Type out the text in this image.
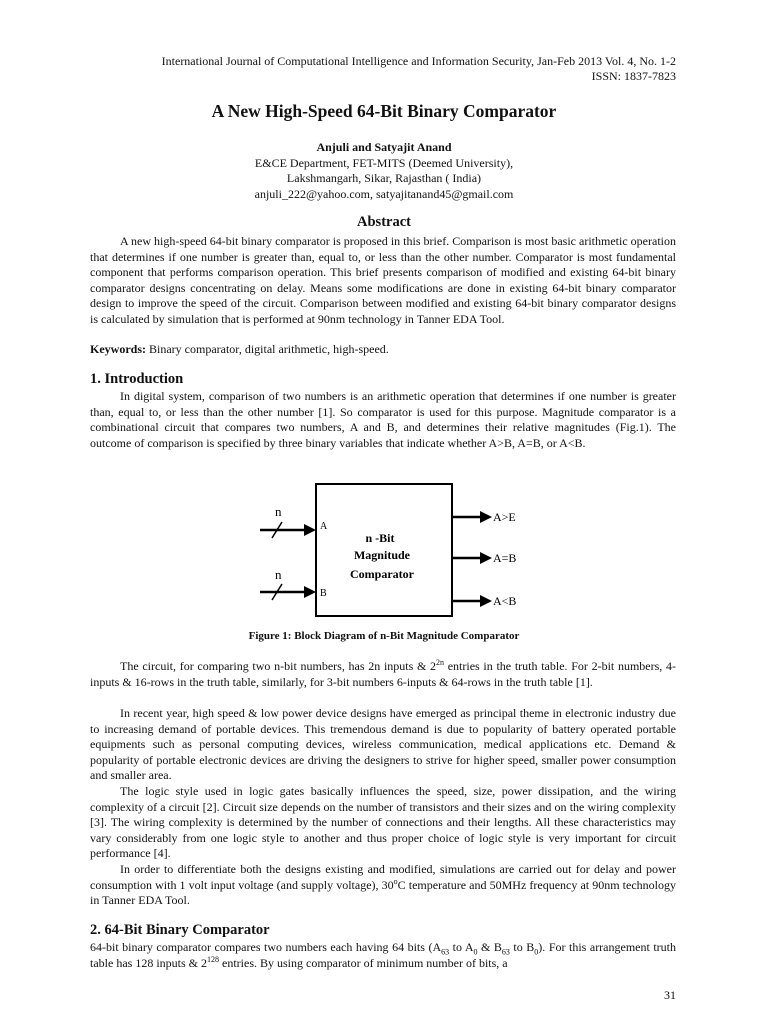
International Journal of Computational Intelligence and Information Security, Jan-Feb 2013 Vol. 4, No. 1-2
ISSN: 1837-7823
A New High-Speed 64-Bit Binary Comparator
Anjuli and Satyajit Anand
E&CE Department, FET-MITS (Deemed University),
Lakshmangarh, Sikar, Rajasthan ( India)
anjuli_222@yahoo.com, satyajitanand45@gmail.com
Abstract
A new high-speed 64-bit binary comparator is proposed in this brief. Comparison is most basic arithmetic operation that determines if one number is greater than, equal to, or less than the other number. Comparator is most fundamental component that performs comparison operation. This brief presents comparison of modified and existing 64-bit binary comparator designs concentrating on delay. Means some modifications are done in existing 64-bit binary comparator design to improve the speed of the circuit. Comparison between modified and existing 64-bit binary comparator designs is calculated by simulation that is performed at 90nm technology in Tanner EDA Tool.
Keywords: Binary comparator, digital arithmetic, high-speed.
1. Introduction
In digital system, comparison of two numbers is an arithmetic operation that determines if one number is greater than, equal to, or less than the other number [1]. So comparator is used for this purpose. Magnitude comparator is a combinational circuit that compares two numbers, A and B, and determines their relative magnitudes (Fig.1). The outcome of comparison is specified by three binary variables that indicate whether A>B, A=B, or A<B.
n
A
n
B
n -Bit
Magnitude
Comparator
A>E
A=B
A<B
Figure 1: Block Diagram of n-Bit Magnitude Comparator
The circuit, for comparing two n-bit numbers, has 2n inputs & $2^{2n}$ entries in the truth table. For 2-bit numbers, 4-inputs & 16-rows in the truth table, similarly, for 3-bit numbers 6-inputs & 64-rows in the truth table [1].
In recent year, high speed & low power device designs have emerged as principal theme in electronic industry due to increasing demand of portable devices. This tremendous demand is due to popularity of battery operated portable equipments such as personal computing devices, wireless communication, medical applications etc. Demand & popularity of portable electronic devices are driving the designers to strive for higher speed, smaller power consumption and smaller area.
The logic style used in logic gates basically influences the speed, size, power dissipation, and the wiring complexity of a circuit [2]. Circuit size depends on the number of transistors and their sizes and on the wiring complexity [3]. The wiring complexity is determined by the number of connections and their lengths. All these characteristics may vary considerably from one logic style to another and thus proper choice of logic style is very important for circuit performance [4].
In order to differentiate both the designs existing and modified, simulations are carried out for delay and power consumption with 1 volt input voltage (and supply voltage), 30$^o$C temperature and 50MHz frequency at 90nm technology in Tanner EDA Tool.
2. 64-Bit Binary Comparator
64-bit binary comparator compares two numbers each having 64 bits ($A_{63}$ to $A_0$ & $B_{63}$ to $B_0$). For this arrangement truth table has 128 inputs & $2^{128}$ entries. By using comparator of minimum number of bits, a
31
